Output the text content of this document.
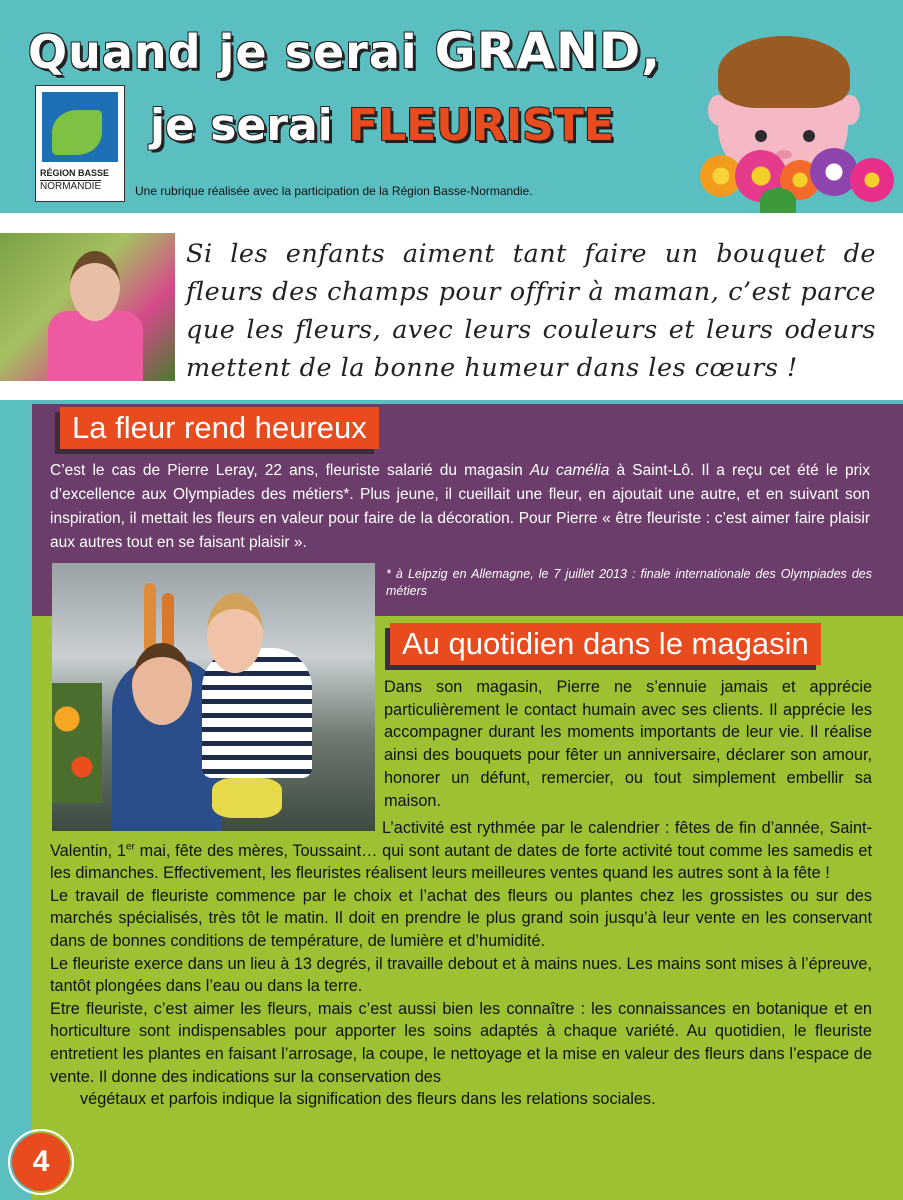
Quand je serai GRAND,
je serai FLEURISTE
RÉGION BASSE
NORMANDIE	Une rubrique réalisée avec la participation de la Région Basse-Normandie.
Si les enfants aiment tant faire un bouquet de fleurs des champs pour offrir à maman, c’est parce que les fleurs, avec leurs couleurs et leurs odeurs mettent de la bonne humeur dans les cœurs !
La fleur rend heureux
C’est le cas de Pierre Leray, 22 ans, fleuriste salarié du magasin Au camélia à Saint-Lô. Il a reçu cet été le prix d’excellence aux Olympiades des métiers*. Plus jeune, il cueillait une fleur, en ajoutait une autre, et en suivant son inspiration, il mettait les fleurs en valeur pour faire de la décoration. Pour Pierre « être fleuriste : c’est aimer faire plaisir aux autres tout en se faisant plaisir ».
* à Leipzig en Allemagne, le 7 juillet 2013 : finale internationale des Olympiades des métiers
Au quotidien dans le magasin
Dans son magasin, Pierre ne s’ennuie jamais et apprécie particulièrement le contact humain avec ses clients. Il apprécie les accompagner durant les moments importants de leur vie. Il réalise ainsi des bouquets pour fêter un anniversaire, déclarer son amour, honorer un défunt, remercier, ou tout simplement embellir sa maison.
L’activité est rythmée par le calendrier : fêtes de fin d’année, Saint-Valentin, 1er mai, fête des mères, Toussaint… qui sont autant de dates de forte activité tout comme les samedis et les dimanches. Effectivement, les fleuristes réalisent leurs meilleures ventes quand les autres sont à la fête !
Le travail de fleuriste commence par le choix et l’achat des fleurs ou plantes chez les grossistes ou sur des marchés spécialisés, très tôt le matin. Il doit en prendre le plus grand soin jusqu’à leur vente en les conservant dans de bonnes conditions de température, de lumière et d’humidité.
Le fleuriste exerce dans un lieu à 13 degrés, il travaille debout et à mains nues. Les mains sont mises à l’épreuve, tantôt plongées dans l’eau ou dans la terre.
Etre fleuriste, c’est aimer les fleurs, mais c’est aussi bien les connaître : les connaissances en botanique et en horticulture sont indispensables pour apporter les soins adaptés à chaque variété. Au quotidien, le fleuriste entretient les plantes en faisant l’arrosage, la coupe, le nettoyage et la mise en valeur des fleurs dans l’espace de vente. Il donne des indications sur la conservation des
végétaux et parfois indique la signification des fleurs dans les relations sociales.
4
